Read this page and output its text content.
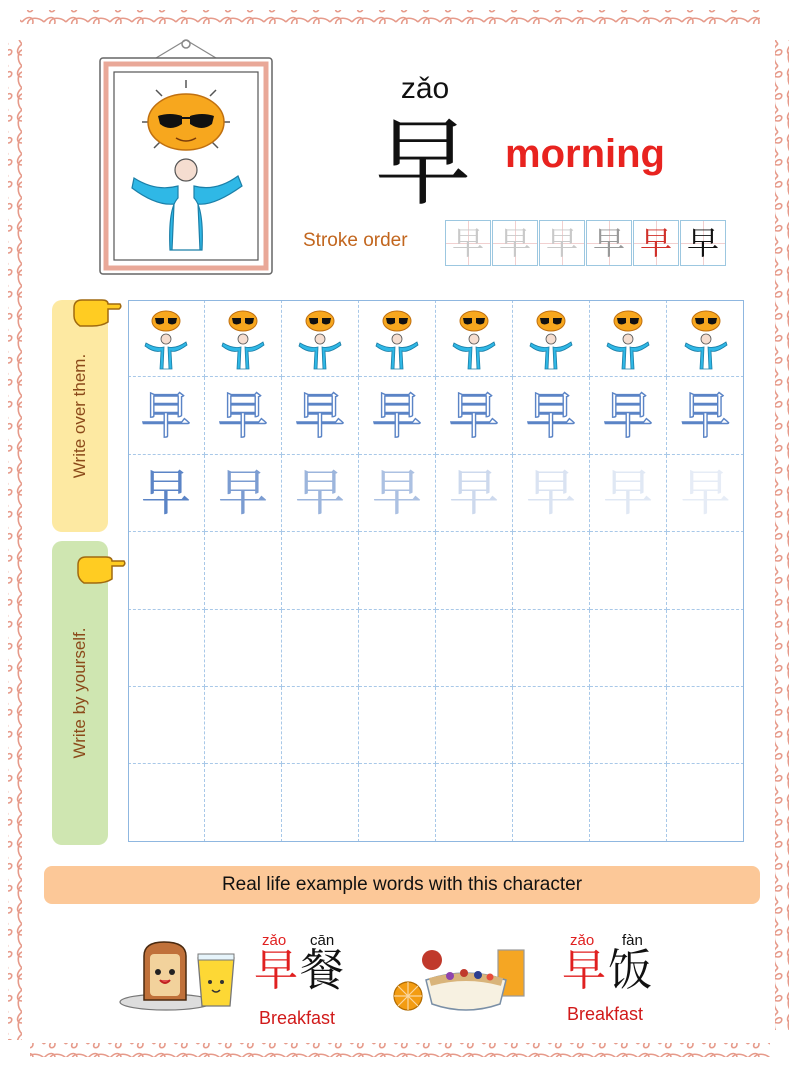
zǎo
早 morning
Stroke order 早 早 早 早 早 早
Write over them.
Write by yourself.
早 早 早 早 早 早 早 早
早 早 早 早 早 早 早 早
Real life example words with this character
zǎo cān
早 餐
Breakfast
zǎo fàn
早 饭
Breakfast
